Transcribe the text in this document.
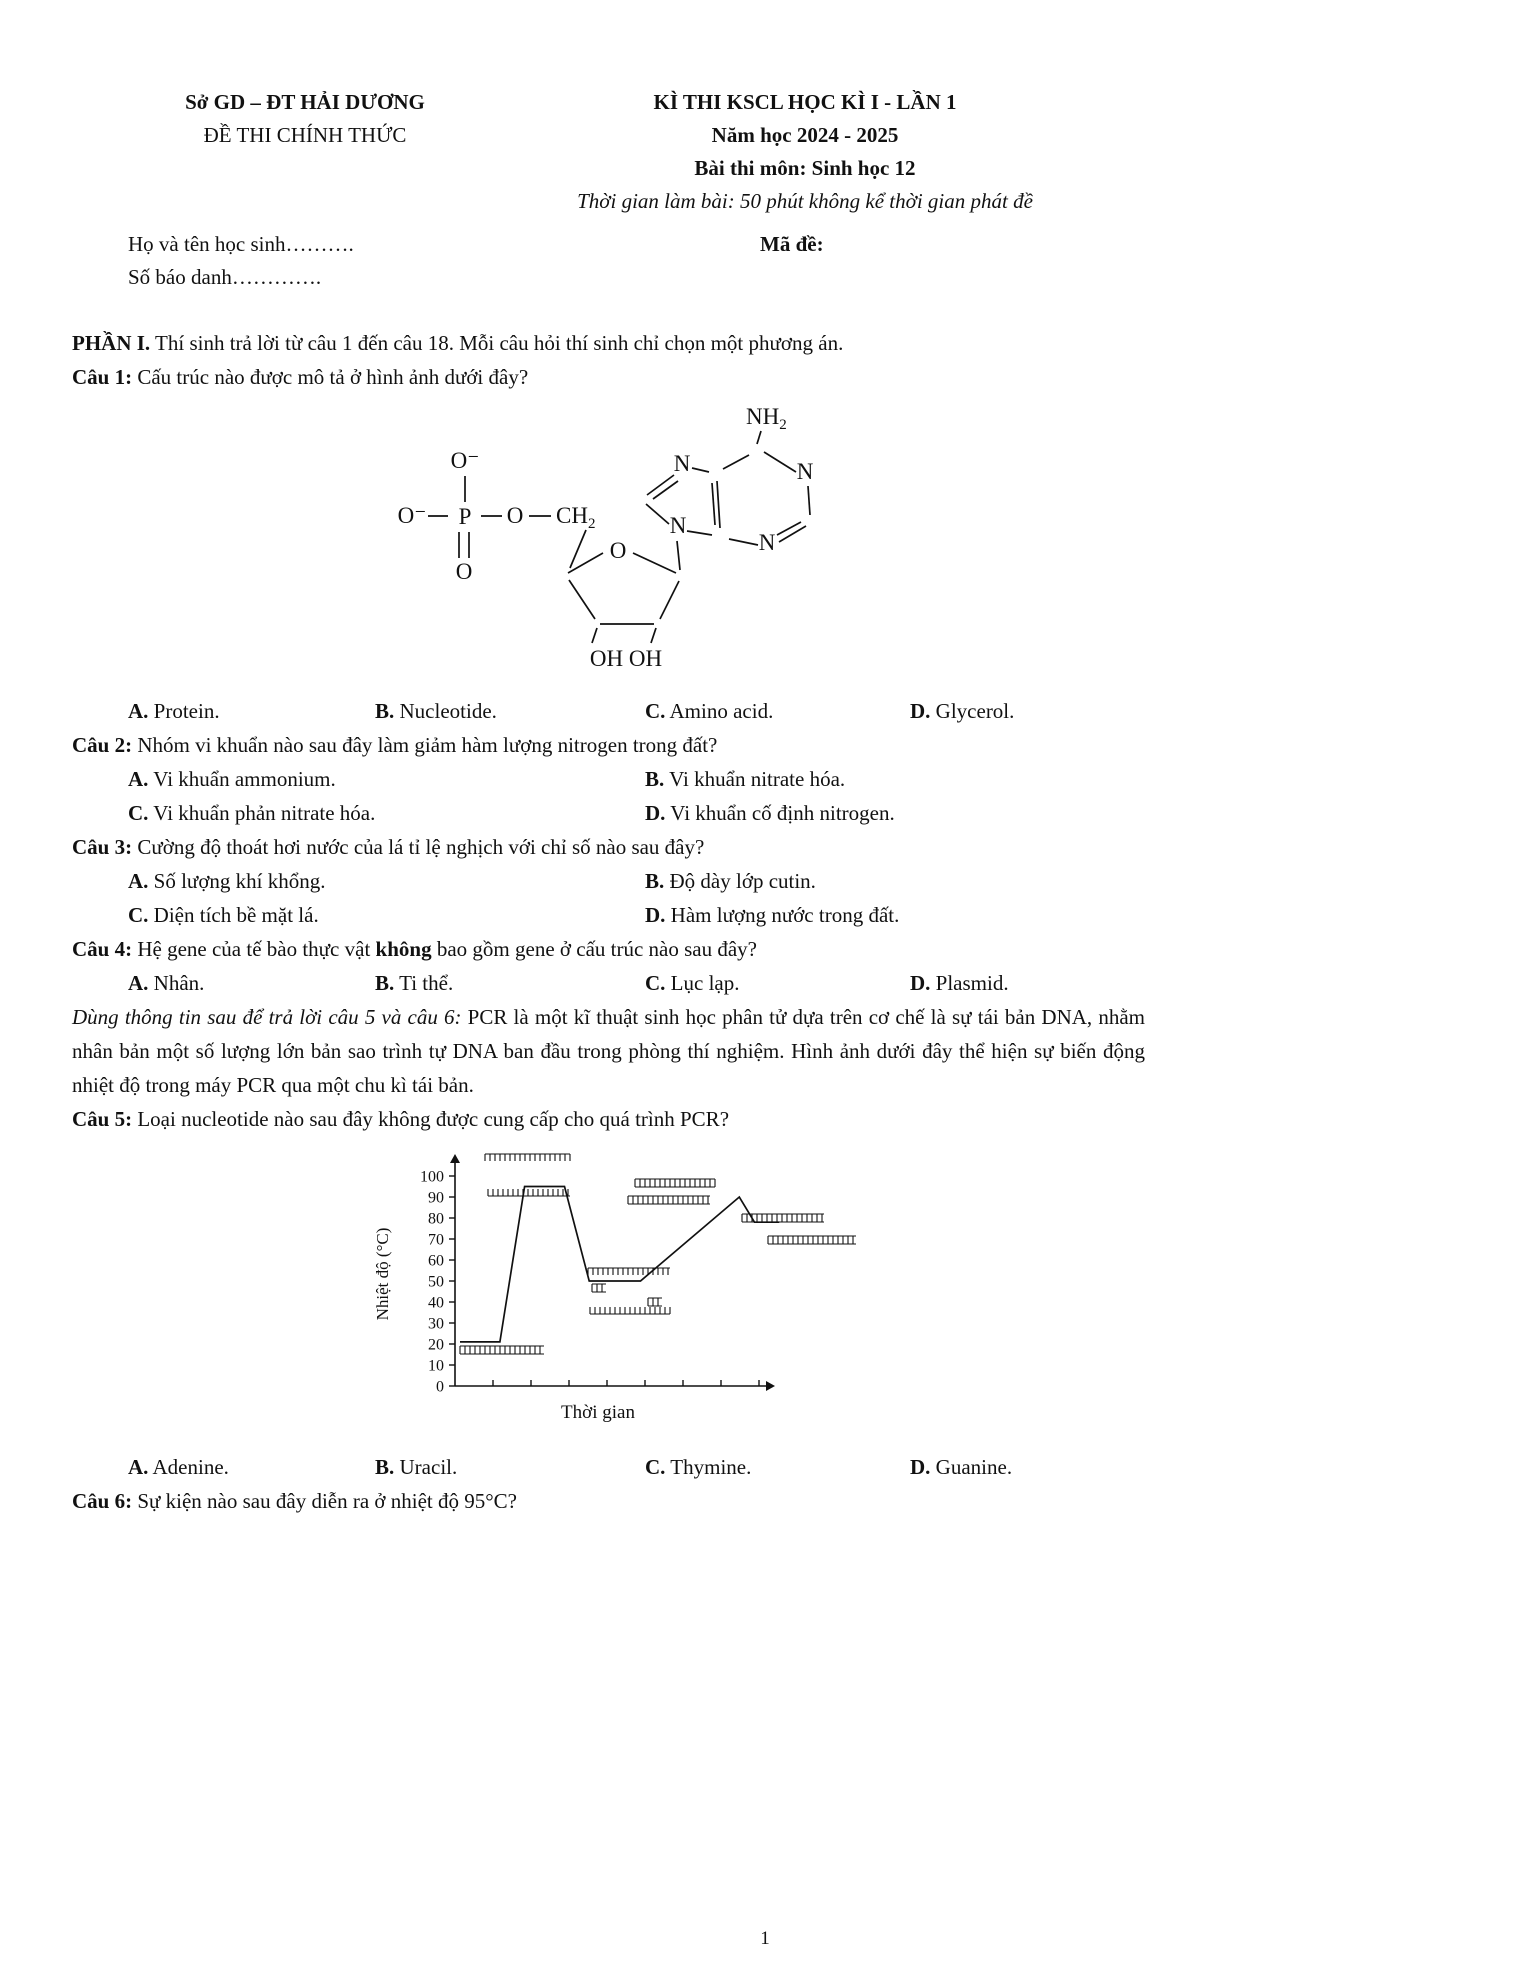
Sở GD – ĐT HẢI DƯƠNG
ĐỀ THI CHÍNH THỨC
KÌ THI KSCL HỌC KÌ I - LẦN 1
Năm học 2024 - 2025
Bài thi môn: Sinh học 12
Thời gian làm bài: 50 phút không kể thời gian phát đề
Họ và tên học sinh……….	Mã đề:
Số báo danh………….
PHẦN I. Thí sinh trả lời từ câu 1 đến câu 18. Mỗi câu hỏi thí sinh chỉ chọn một phương án.
Câu 1: Cấu trúc nào được mô tả ở hình ảnh dưới đây?
O⁻
O⁻ P
O
O $CH_2$
O
OH OH
N
N	N
N
$NH_2$
A. Protein.	B. Nucleotide.	C. Amino acid.	D. Glycerol.
Câu 2: Nhóm vi khuẩn nào sau đây làm giảm hàm lượng nitrogen trong đất?
A. Vi khuẩn ammonium.	B. Vi khuẩn nitrate hóa.
C. Vi khuẩn phản nitrate hóa.	D. Vi khuẩn cố định nitrogen.
Câu 3: Cường độ thoát hơi nước của lá tỉ lệ nghịch với chỉ số nào sau đây?
A. Số lượng khí khổng.	B. Độ dày lớp cutin.
C. Diện tích bề mặt lá.	D. Hàm lượng nước trong đất.
Câu 4: Hệ gene của tế bào thực vật không bao gồm gene ở cấu trúc nào sau đây?
A. Nhân.	B. Ti thể.	C. Lục lạp.	D. Plasmid.
Dùng thông tin sau để trả lời câu 5 và câu 6: PCR là một kĩ thuật sinh học phân tử dựa trên cơ chế là sự tái bản DNA, nhằm nhân bản một số lượng lớn bản sao trình tự DNA ban đầu trong phòng thí nghiệm. Hình ảnh dưới đây thể hiện sự biến động nhiệt độ trong máy PCR qua một chu kì tái bản.
Câu 5: Loại nucleotide nào sau đây không được cung cấp cho quá trình PCR?
Nhiệt độ (°C)
Thời gian
0
10
20
30
40
50
60
70
80
90
100
A. Adenine.	B. Uracil.	C. Thymine.	D. Guanine.
Câu 6: Sự kiện nào sau đây diễn ra ở nhiệt độ 95°C?
1
